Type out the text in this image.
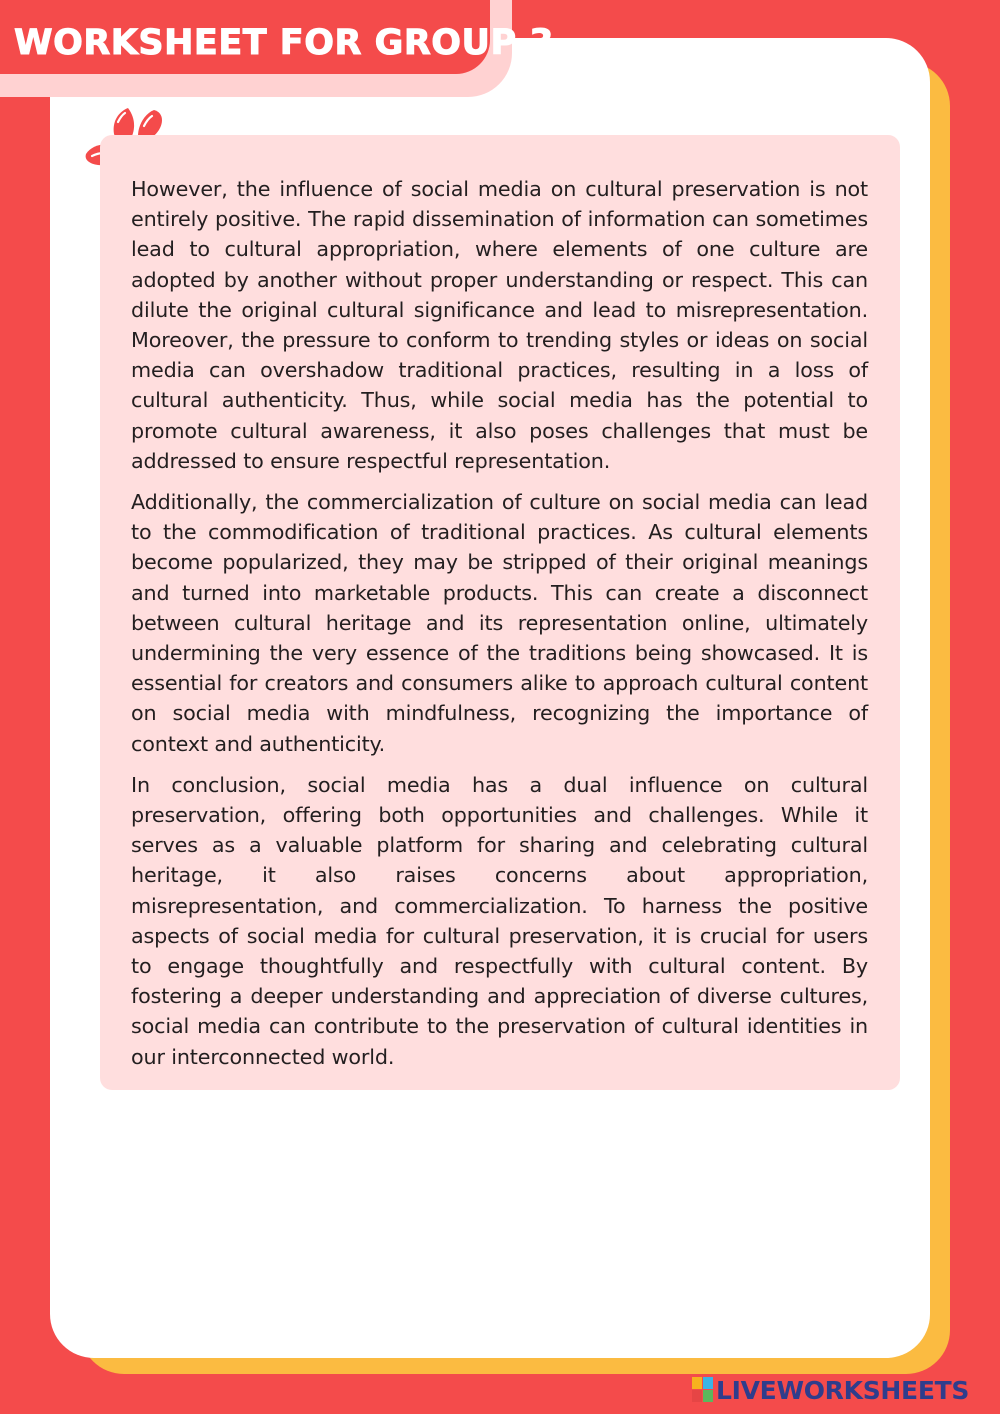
WORKSHEET FOR GROUP 3

However, the influence of social media on cultural preservation is not entirely positive. The rapid dissemination of information can sometimes lead to cultural appropriation, where elements of one culture are adopted by another without proper understanding or respect. This can dilute the original cultural significance and lead to misrepresentation. Moreover, the pressure to conform to trending styles or ideas on social media can overshadow traditional practices, resulting in a loss of cultural authenticity. Thus, while social media has the potential to promote cultural awareness, it also poses challenges that must be addressed to ensure respectful representation.

Additionally, the commercialization of culture on social media can lead to the commodification of traditional practices. As cultural elements become popularized, they may be stripped of their original meanings and turned into marketable products. This can create a disconnect between cultural heritage and its representation online, ultimately undermining the very essence of the traditions being showcased. It is essential for creators and consumers alike to approach cultural content on social media with mindfulness, recognizing the importance of context and authenticity.

In conclusion, social media has a dual influence on cultural preservation, offering both opportunities and challenges. While it serves as a valuable platform for sharing and celebrating cultural heritage, it also raises concerns about appropriation, misrepresentation, and commercialization. To harness the positive aspects of social media for cultural preservation, it is crucial for users to engage thoughtfully and respectfully with cultural content. By fostering a deeper understanding and appreciation of diverse cultures, social media can contribute to the preservation of cultural identities in our interconnected world.

LIVEWORKSHEETS
